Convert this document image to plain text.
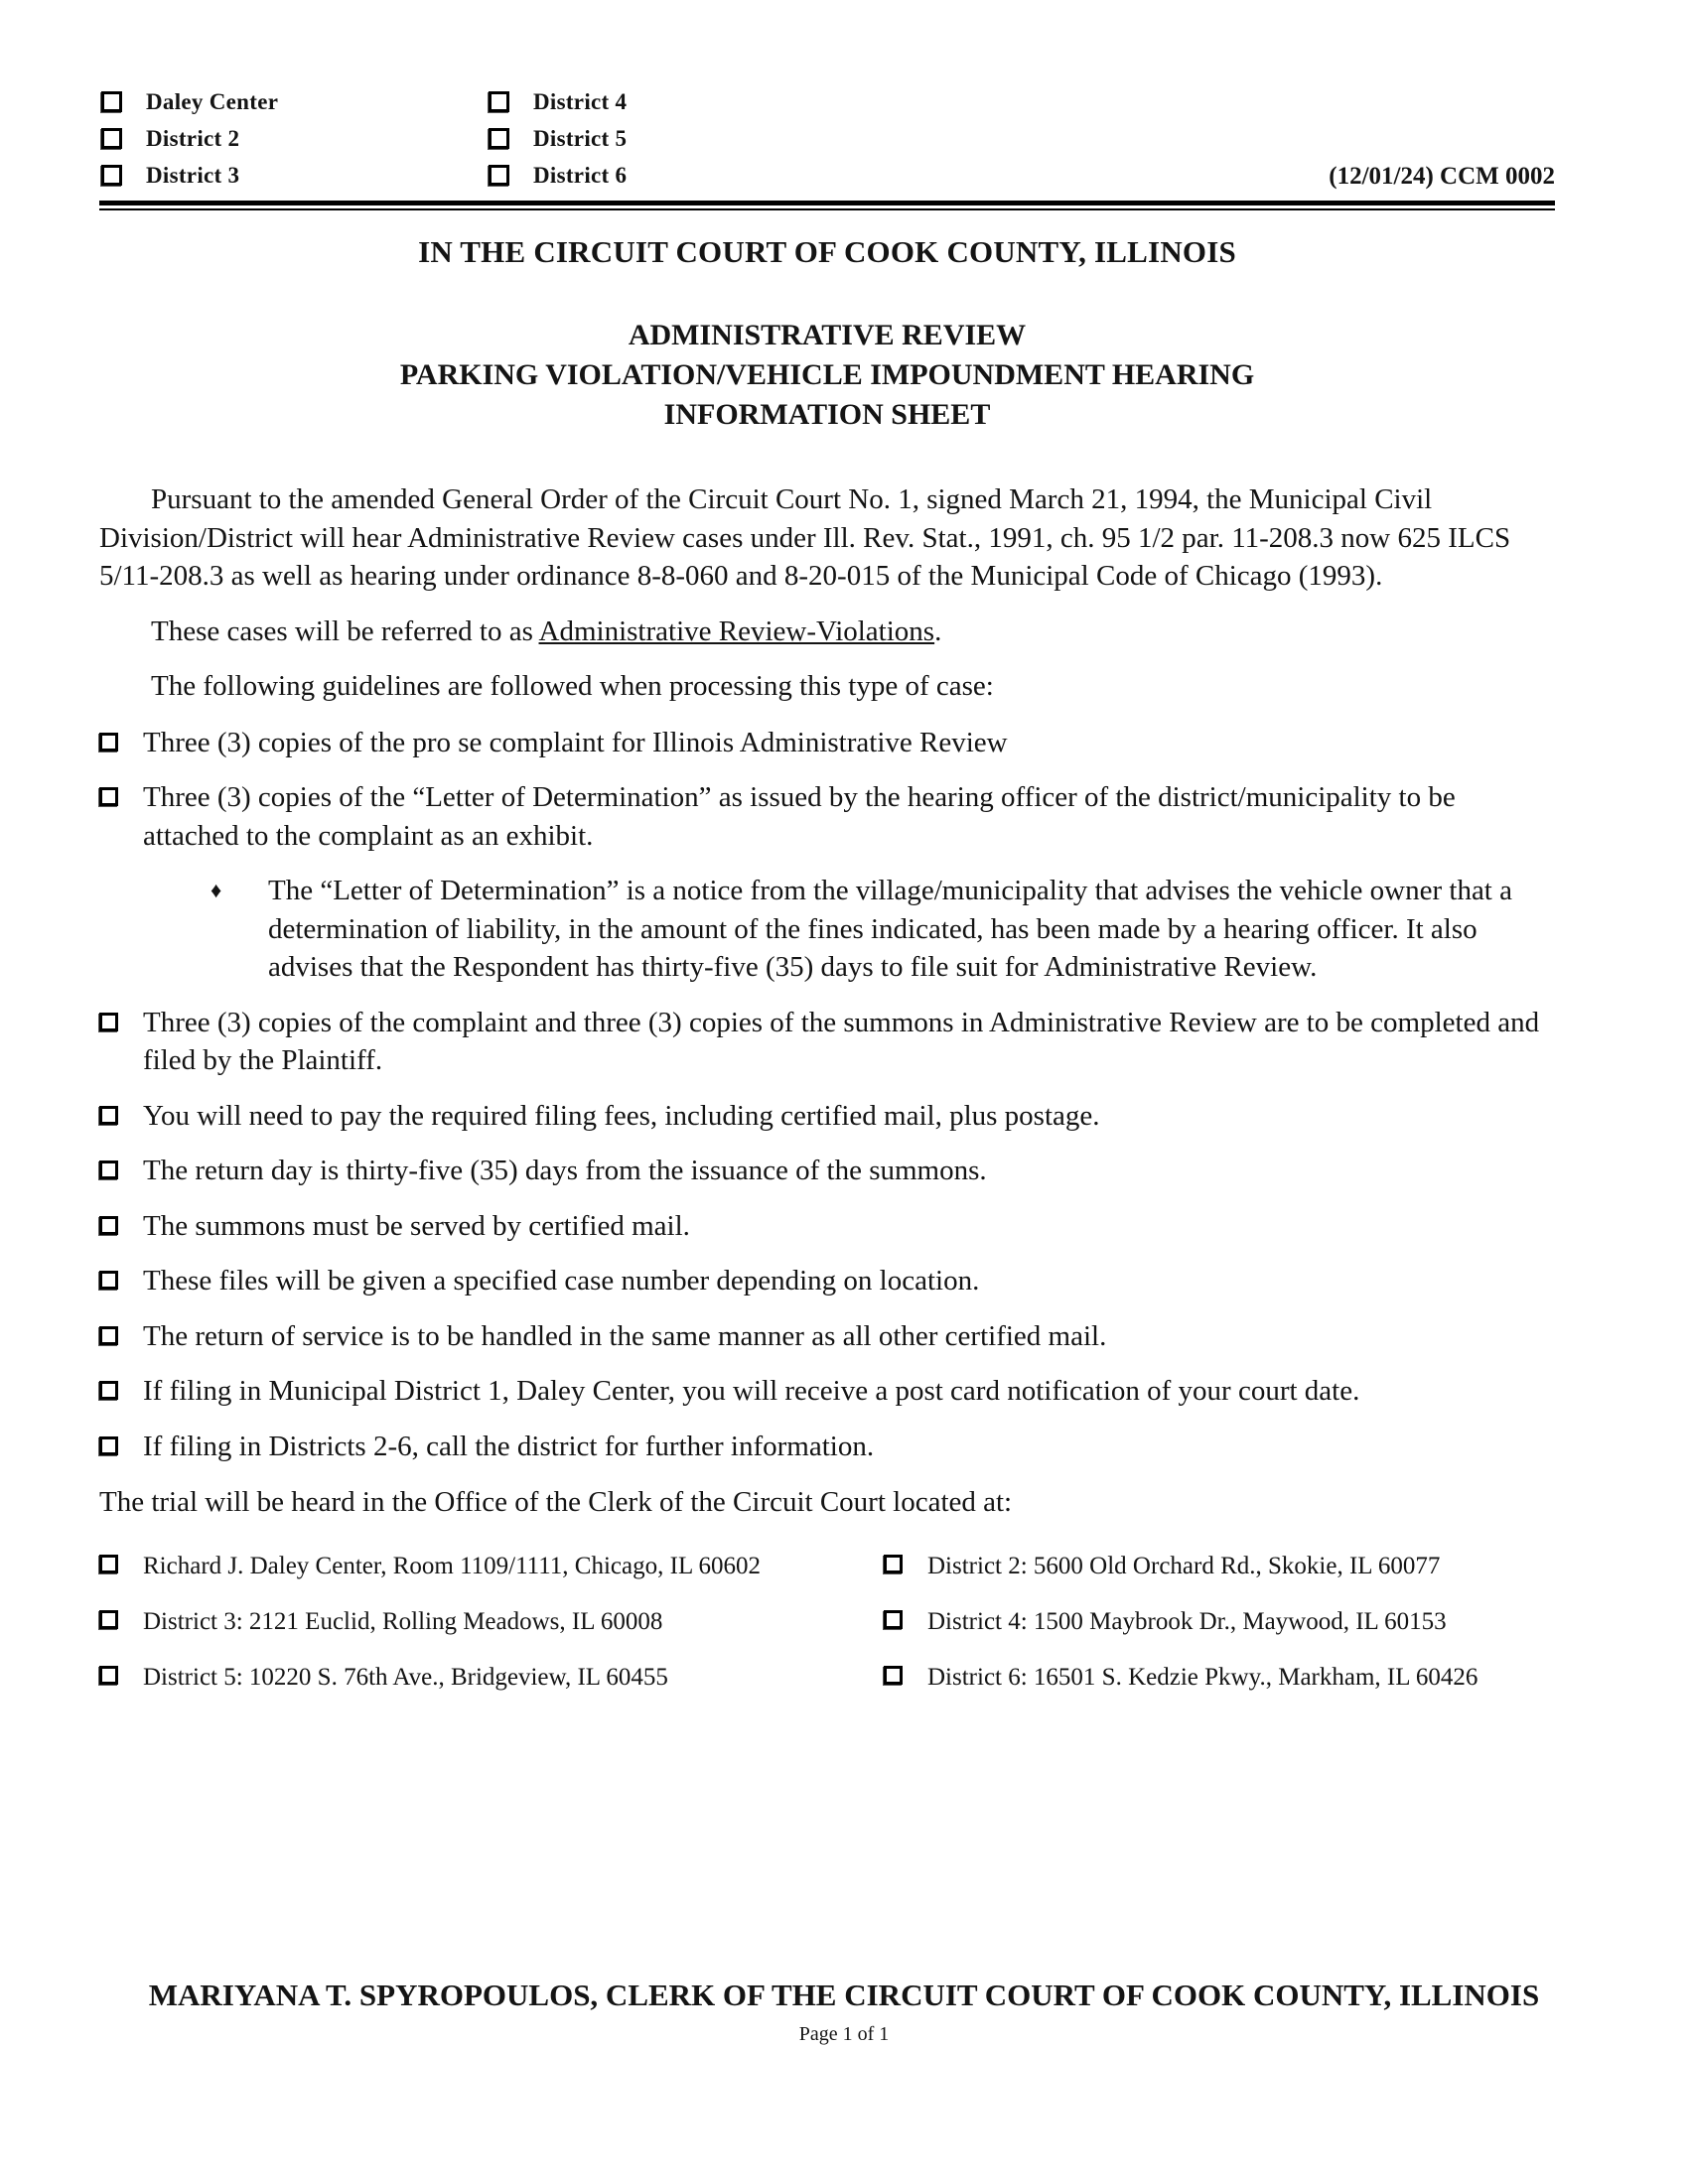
Daley Center
District 2
District 3
District 4
District 5
District 6	(12/01/24) CCM 0002
IN THE CIRCUIT COURT OF COOK COUNTY, ILLINOIS
ADMINISTRATIVE REVIEW
PARKING VIOLATION/VEHICLE IMPOUNDMENT HEARING
INFORMATION SHEET

Pursuant to the amended General Order of the Circuit Court No. 1, signed March 21, 1994, the Municipal Civil Division/District will hear Administrative Review cases under Ill. Rev. Stat., 1991, ch. 95 1/2 par. 11-208.3 now 625 ILCS 5/11-208.3 as well as hearing under ordinance 8-8-060 and 8-20-015 of the Municipal Code of Chicago (1993).

These cases will be referred to as Administrative Review-Violations.

The following guidelines are followed when processing this type of case:

Three (3) copies of the pro se complaint for Illinois Administrative Review
Three (3) copies of the “Letter of Determination” as issued by the hearing officer of the district/municipality to be attached to the complaint as an exhibit.
♦	The “Letter of Determination” is a notice from the village/municipality that advises the vehicle owner that a determination of liability, in the amount of the fines indicated, has been made by a hearing officer. It also advises that the Respondent has thirty-five (35) days to file suit for Administrative Review.
Three (3) copies of the complaint and three (3) copies of the summons in Administrative Review are to be completed and filed by the Plaintiff.
You will need to pay the required filing fees, including certified mail, plus postage.
The return day is thirty-five (35) days from the issuance of the summons.
The summons must be served by certified mail.
These files will be given a specified case number depending on location.
The return of service is to be handled in the same manner as all other certified mail.
If filing in Municipal District 1, Daley Center, you will receive a post card notification of your court date.
If filing in Districts 2-6, call the district for further information.

The trial will be heard in the Office of the Clerk of the Circuit Court located at:

Richard J. Daley Center, Room 1109/1111, Chicago, IL 60602	District 2: 5600 Old Orchard Rd., Skokie, IL 60077
District 3: 2121 Euclid, Rolling Meadows, IL 60008	District 4: 1500 Maybrook Dr., Maywood, IL 60153
District 5: 10220 S. 76th Ave., Bridgeview, IL 60455	District 6: 16501 S. Kedzie Pkwy., Markham, IL 60426
MARIYANA T. SPYROPOULOS, CLERK OF THE CIRCUIT COURT OF COOK COUNTY, ILLINOIS
Page 1 of 1
